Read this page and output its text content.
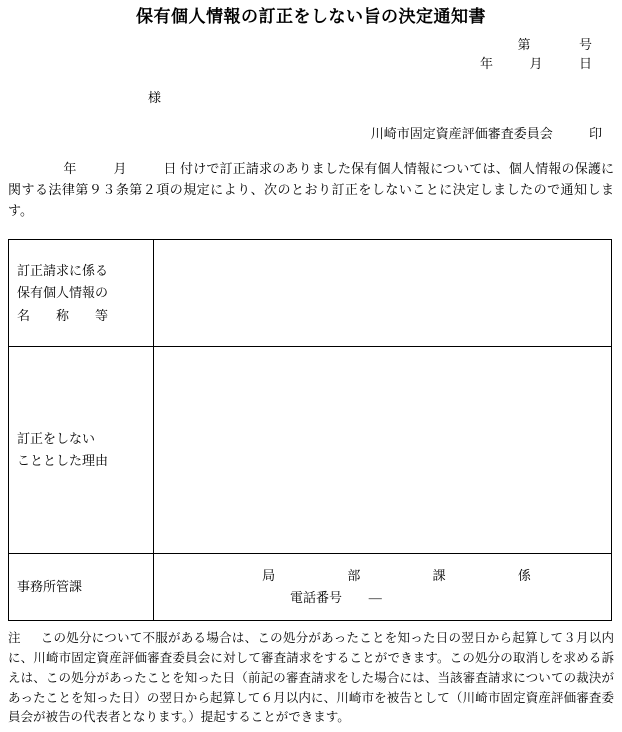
保有個人情報の訂正をしない旨の決定通知書
第	号
年	月	日
様
川崎市固定資産評価審査委員会	印
年	月	日 付けで訂正請求のありました保有個人情報については、個人情報の保護に関する法律第９３条第２項の規定により、次のとおり訂正をしないことに決定しましたので通知します。
訂正請求に係る
保有個人情報の
名　　称　　等	

訂正をしない
こととした理由	

事務所管課	局 部 課 係
電話番号 ―

注 この処分について不服がある場合は、この処分があったことを知った日の翌日から起算して３月以内に、川崎市固定資産評価審査委員会に対して審査請求をすることができます。この処分の取消しを求める訴えは、この処分があったことを知った日（前記の審査請求をした場合には、当該審査請求についての裁決があったことを知った日）の翌日から起算して６月以内に、川崎市を被告として（川崎市固定資産評価審査委員会が被告の代表者となります。）提起することができます。
